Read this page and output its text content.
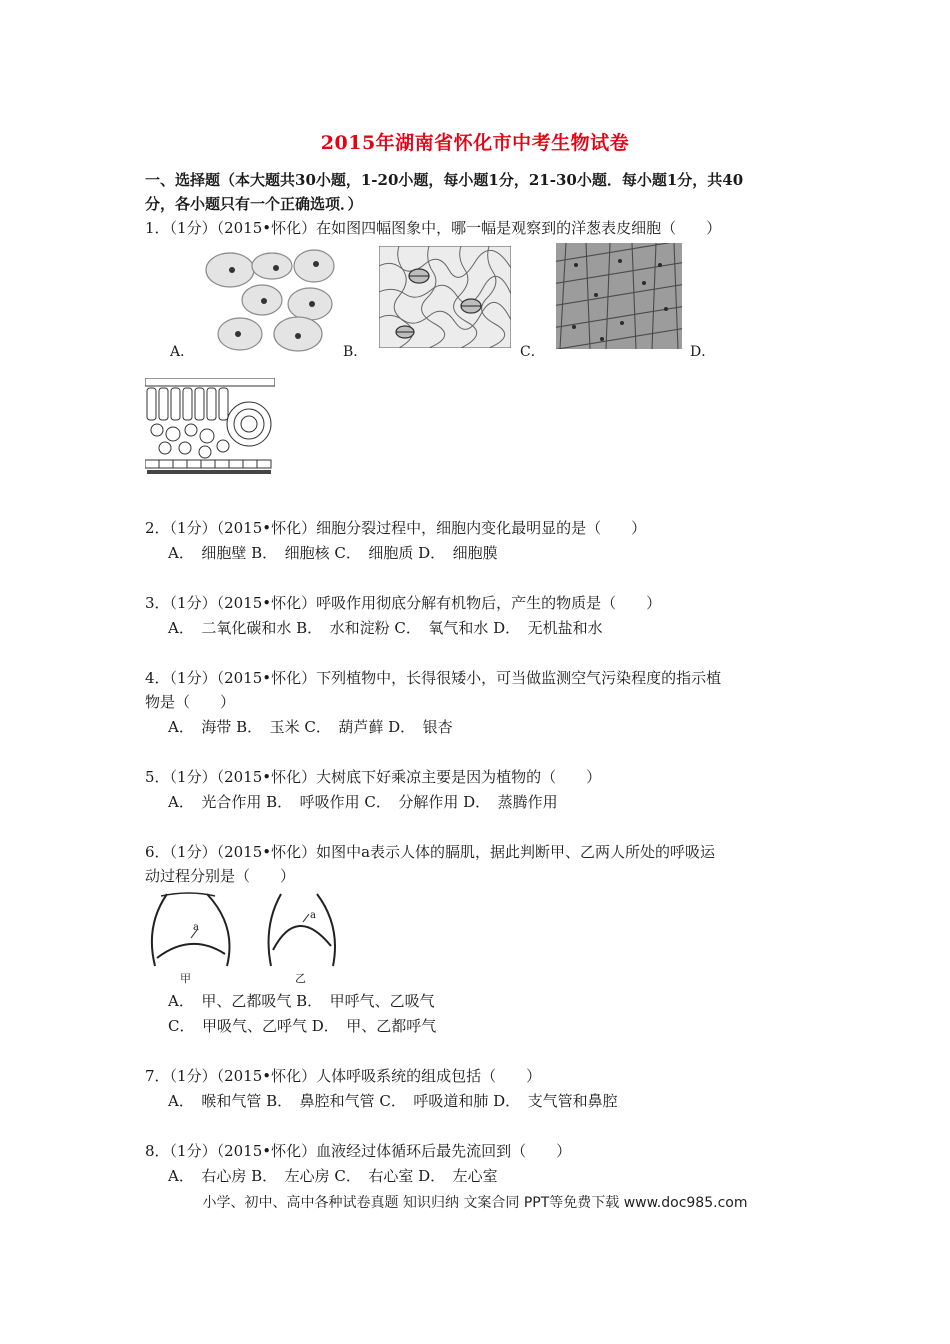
2015年湖南省怀化市中考生物试卷
一、选择题（本大题共30小题，1-20小题，每小题1分，21-30小题．每小题1分，共40
分，各小题只有一个正确选项．）
1．（1分）（2015•怀化）在如图四幅图象中，哪一幅是观察到的洋葱表皮细胞（　　）
A．	B．	C．	D．
2．（1分）（2015•怀化）细胞分裂过程中，细胞内变化最明显的是（　　）
A．　细胞壁 B．　细胞核 C．　细胞质 D．　细胞膜
3．（1分）（2015•怀化）呼吸作用彻底分解有机物后，产生的物质是（　　）
A．　二氧化碳和水 B．　水和淀粉 C．　氧气和水 D．　无机盐和水
4．（1分）（2015•怀化）下列植物中，长得很矮小，可当做监测空气污染程度的指示植
物是（　　）
A．　海带 B．　玉米 C．　葫芦藓 D．　银杏
5．（1分）（2015•怀化）大树底下好乘凉主要是因为植物的（　　）
A．　光合作用 B．　呼吸作用 C．　分解作用 D．　蒸腾作用
6．（1分）（2015•怀化）如图中a表示人体的膈肌，据此判断甲、乙两人所处的呼吸运
动过程分别是（　　）
a
甲
a
乙
A．　甲、乙都吸气 B．　甲呼气、乙吸气
C．　甲吸气、乙呼气 D．　甲、乙都呼气
7．（1分）（2015•怀化）人体呼吸系统的组成包括（　　）
A．　喉和气管 B．　鼻腔和气管 C．　呼吸道和肺 D．　支气管和鼻腔
8．（1分）（2015•怀化）血液经过体循环后最先流回到（　　）
A．　右心房 B．　左心房 C．　右心室 D．　左心室
小学、初中、高中各种试卷真题 知识归纳 文案合同 PPT等免费下载 www.doc985.com
